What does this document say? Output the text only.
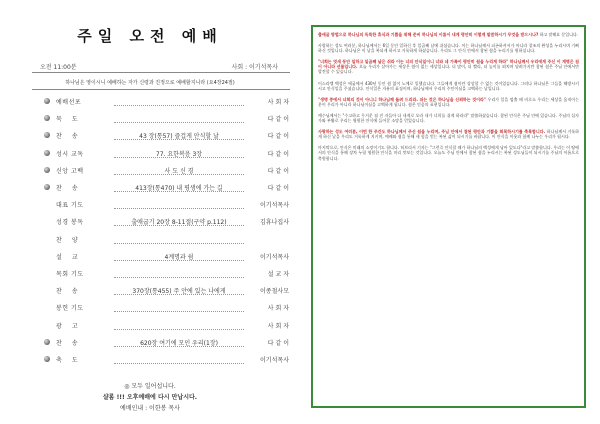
주일 오전 예배
오전 11:00분	사회 : 이기석목사
하나님은 영이시니 예배하는 자가 신령과 진정으로 예배할지니라 (요4장24절)
예배선포	사 회 자
묵    도	다 같 이
찬    송	43 장(통57) 즐겁게 안식할 날	다 같 이
성시 교독	77. 요한복음 3장	다 같 이
신앙 고백	사 도 신 경	다 같 이
찬    송	413장(통470) 내 평생에 가는 길	다 같 이
대표 기도	이기석목사
성경 봉독	출애굽기 20장 8-11절(구약 p.112)	김휴나집사
찬    양
설    교	4계명과 쉼	이기석목사
목회 기도	설 교 자
찬    송	370장(통455) 주 안에 있는 나에게	이종철사모
봉헌 기도	사 회 자
광    고	사 회 자
찬    송	620장 여기에 모인 우리(1장)	다 같 이
축    도	이기석목사
◎ 모두 일어섭니다.
샬롬 !!! 오후예배에 다시 만납시다.
예배인내 : 이한봉 목사

출애굽 방법으로 하나님의 독특한 휴식과 기쁨을 위해 준비 하나님의 이름이 내게 평안히 이렇게 말씀하시기 무엇을 받으시나? 하고 말해요 문입니다.

사랑하는 성도 여러분, 하나님께서는 6일 동안 일하신 후 일곱째 날에 쉬셨습니다. 이는 하나님께서 피곤하셔서가 아니라 창조의 완성을 누리시며 기뻐하신 것입니다. 하나님은 이 날을 복되게 하시고 거룩하게 하셨습니다. 우리도 그 안식 안에서 참된 쉼을 누리기를 원하십니다.

"너희는 엿새 동안 일하고 일곱째 날은 쉬라 이는 너의 안식일이니 너와 네 가족이 평안히 쉼을 누리게 하라" 하나님께서 우리에게 주신 이 계명은 짐이 아니라 선물입니다. 오늘 우리가 살아가는 세상은 쉼이 없는 세상입니다. 더 많이, 더 빨리, 더 높이를 외치며 달려가지만 참된 쉼은 주님 안에서만 발견할 수 있습니다.

이스라엘 백성은 애굽에서 430년 동안 쉼 없이 노예로 일했습니다. 그들에게 쉼이란 상상할 수 없는 것이었습니다. 그러나 하나님은 그들을 해방시키시고 안식일을 주셨습니다. 안식일은 자유의 표징이며, 하나님께서 우리의 주인이심을 고백하는 날입니다.

"생명 중에서 너희의 것이 아니니 하나님께 돌려 드리라. 쉬는 것은 하나님을 신뢰하는 것이라" 우리가 일을 멈출 때 비로소 우리는 세상을 움직이는 분이 우리가 아니라 하나님이심을 고백하게 됩니다. 쉼은 믿음의 표현입니다.

예수님께서는 "수고하고 무거운 짐 진 자들아 다 내게로 오라 내가 너희를 쉬게 하리라" 말씀하셨습니다. 참된 안식은 주님 안에 있습니다. 주님의 십자가와 부활로 우리는 영원한 안식에 들어갈 소망을 얻었습니다.

사랑하는 성도 여러분, 이번 한 주간도 하나님께서 주신 쉼을 누리며, 주님 안에서 참된 평안과 기쁨을 회복하시기를 축복합니다. 하나님께서 거룩하게 하신 날을 우리도 거룩하게 지키며, 예배와 쉼을 통해 새 힘을 얻는 복된 삶이 되시기를 바랍니다. 이 안식을 이웃과 함께 나누는 우리가 됩시다.

마지막으로, 안식은 미래의 소망이기도 합니다. 히브리서 기자는 "그런즉 안식할 때가 하나님의 백성에게 남아 있도다"라고 말씀합니다. 우리는 이 땅에서의 안식을 통해 장차 누릴 영원한 안식을 미리 맛보는 것입니다. 오늘도 주님 안에서 참된 쉼을 누리시는 복된 성도님들이 되시기를 주님의 이름으로 축원합니다.
